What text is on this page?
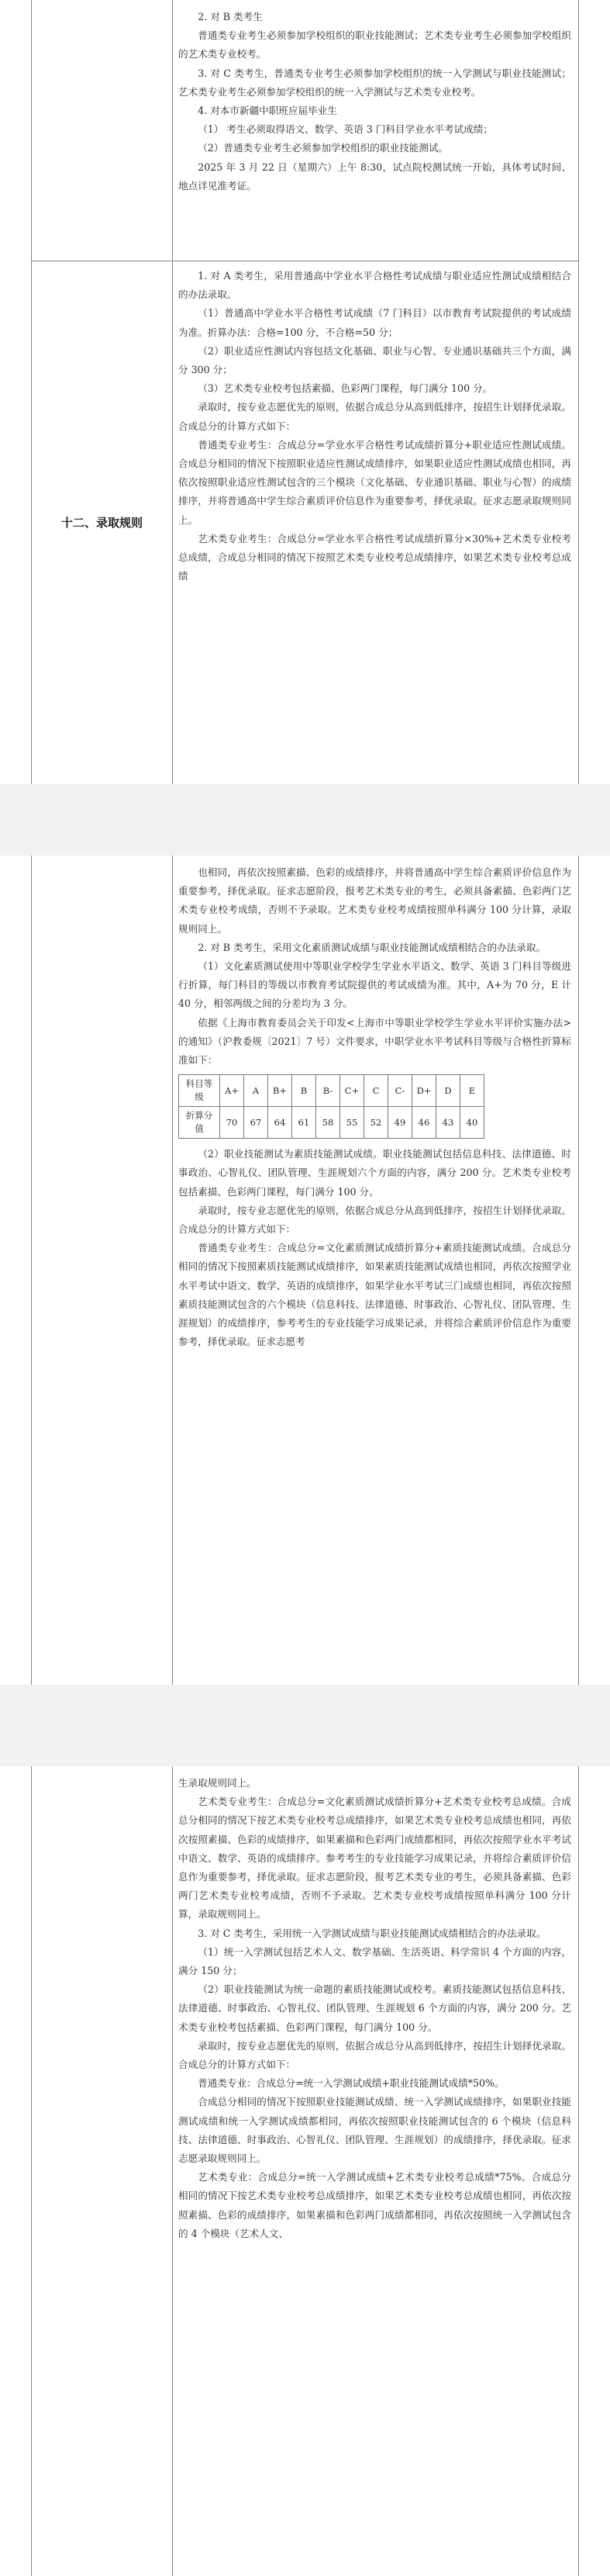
十二、录取规则

2. 对 B 类考生

普通类专业考生必须参加学校组织的职业技能测试；艺术类专业考生必须参加学校组织的艺术类专业校考。

3. 对 C 类考生，普通类专业考生必须参加学校组织的统一入学测试与职业技能测试；艺术类专业考生必须参加学校组织的统一入学测试与艺术类专业校考。

4. 对本市新疆中职班应届毕业生

（1） 考生必须取得语文、数学、英语 3 门科目学业水平考试成绩；

（2）普通类专业考生必须参加学校组织的职业技能测试。

2025 年 3 月 22 日（星期六）上午 8:30，试点院校测试统一开始，具体考试时间、地点详见准考证。

1. 对 A 类考生，采用普通高中学业水平合格性考试成绩与职业适应性测试成绩相结合的办法录取。

（1）普通高中学业水平合格性考试成绩（7 门科目）以市教育考试院提供的考试成绩为准。折算办法：合格=100 分，不合格=50 分；

（2）职业适应性测试内容包括文化基础、职业与心智、专业通识基础共三个方面，满分 300 分；

（3）艺术类专业校考包括素描、色彩两门课程，每门满分 100 分。

录取时，按专业志愿优先的原则，依据合成总分从高到低排序，按招生计划择优录取。合成总分的计算方式如下：

普通类专业考生：合成总分=学业水平合格性考试成绩折算分+职业适应性测试成绩。合成总分相同的情况下按照职业适应性测试成绩排序，如果职业适应性测试成绩也相同，再依次按照职业适应性测试包含的三个模块（文化基础、专业通识基础、职业与心智）的成绩排序，并将普通高中学生综合素质评价信息作为重要参考，择优录取。征求志愿录取规则同上。

艺术类专业考生：合成总分=学业水平合格性考试成绩折算分×30%+艺术类专业校考总成绩，合成总分相同的情况下按照艺术类专业校考总成绩排序，如果艺术类专业校考总成绩

也相同，再依次按照素描、色彩的成绩排序，并将普通高中学生综合素质评价信息作为重要参考，择优录取。征求志愿阶段，报考艺术类专业的考生，必须具备素描、色彩两门艺术类专业校考成绩，否则不予录取。艺术类专业校考成绩按照单科满分 100 分计算，录取规则同上。

2. 对 B 类考生，采用文化素质测试成绩与职业技能测试成绩相结合的办法录取。

（1）文化素质测试使用中等职业学校学生学业水平语文、数学、英语 3 门科目等级进行折算，每门科目的等级以市教育考试院提供的考试成绩为准。其中，A+为 70 分，E 计 40 分，相邻两级之间的分差均为 3 分。

依据《上海市教育委员会关于印发<上海市中等职业学校学生学业水平评价实施办法>的通知》（沪教委规〔2021〕7 号）文件要求，中职学业水平考试科目等级与合格性折算标准如下：

科目等级	A+	A	B+	B	B-	C+	C	C-	D+	D	E
折算分值	70	67	64	61	58	55	52	49	46	43	40

（2）职业技能测试为素质技能测试成绩。职业技能测试包括信息科技、法律道德、时事政治、心智礼仪、团队管理、生涯规划六个方面的内容，满分 200 分。艺术类专业校考包括素描、色彩两门课程，每门满分 100 分。

录取时，按专业志愿优先的原则，依据合成总分从高到低排序，按招生计划择优录取。合成总分的计算方式如下：

普通类专业考生：合成总分=文化素质测试成绩折算分+素质技能测试成绩。合成总分相同的情况下按照素质技能测试成绩排序，如果素质技能测试成绩也相同，再依次按照学业水平考试中语文、数学、英语的成绩排序，如果学业水平考试三门成绩也相同，再依次按照素质技能测试包含的六个模块（信息科技、法律道德、时事政治、心智礼仪、团队管理、生涯规划）的成绩排序，参考考生的专业技能学习成果记录，并将综合素质评价信息作为重要参考，择优录取。征求志愿考

生录取规则同上。

艺术类专业考生：合成总分=文化素质测试成绩折算分+艺术类专业校考总成绩。合成总分相同的情况下按艺术类专业校考总成绩排序，如果艺术类专业校考总成绩也相同，再依次按照素描、色彩的成绩排序，如果素描和色彩两门成绩都相同，再依次按照学业水平考试中语文、数学、英语的成绩排序。参考考生的专业技能学习成果记录，并将综合素质评价信息作为重要参考，择优录取。征求志愿阶段，报考艺术类专业的考生，必须具备素描、色彩两门艺术类专业校考成绩，否则不予录取。艺术类专业校考成绩按照单科满分 100 分计算，录取规则同上。

3. 对 C 类考生，采用统一入学测试成绩与职业技能测试成绩相结合的办法录取。

（1）统一入学测试包括艺术人文、数学基础、生活英语、科学常识 4 个方面的内容，满分 150 分；

（2）职业技能测试为统一命题的素质技能测试或校考。素质技能测试包括信息科技、法律道德、时事政治、心智礼仪、团队管理、生涯规划 6 个方面的内容，满分 200 分。艺术类专业校考包括素描、色彩两门课程，每门满分 100 分。

录取时，按专业志愿优先的原则，依据合成总分从高到低排序，按招生计划择优录取。合成总分的计算方式如下：

普通类专业：合成总分=统一入学测试成绩+职业技能测试成绩*50%。

合成总分相同的情况下按照职业技能测试成绩、统一入学测试成绩排序，如果职业技能测试成绩和统一入学测试成绩都相同，再依次按照职业技能测试包含的 6 个模块（信息科技、法律道德、时事政治、心智礼仪、团队管理、生涯规划）的成绩排序，择优录取。征求志愿录取规则同上。

艺术类专业：合成总分=统一入学测试成绩+艺术类专业校考总成绩*75%。合成总分相同的情况下按艺术类专业校考总成绩排序，如果艺术类专业校考总成绩也相同，再依次按照素描、色彩的成绩排序，如果素描和色彩两门成绩都相同，再依次按照统一入学测试包含的 4 个模块（艺术人文、
